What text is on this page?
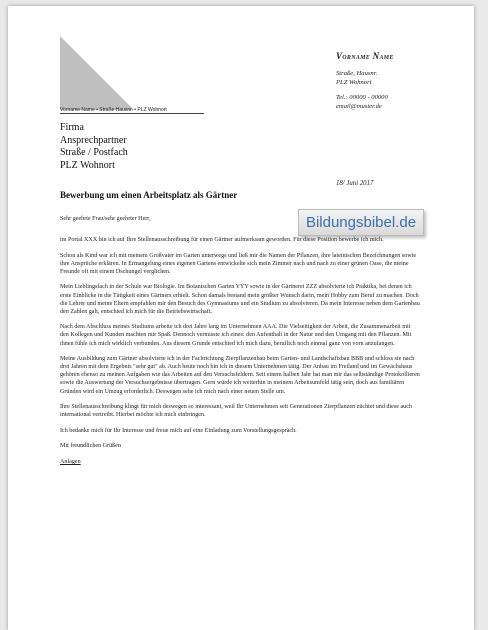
Vorname Name
Straße, Hausnr.
PLZ Wohnort
Tel.: 00000 - 00000
email@muster.de
Vorname Name • Straße Hausnr. • PLZ Wohnort
Firma
Ansprechpartner
Straße / Postfach
PLZ Wohnort
18/ Juni 2017
Bewerbung um einen Arbeitsplatz als Gärtner

Sehr geehrte Frau/sehr geehrter Herr,

im Portal XXX bin ich auf Ihre Stellenausschreibung für einen Gärtner aufmerksam geworden. Für diese Position bewerbe ich mich.

Schon als Kind war ich mit meinem Großvater im Garten unterwegs und ließ mir die Namen der Pflanzen, ihre lateinischen Bezeichnungen sowie ihre Ansprüche erklären. In Ermangelung eines eigenen Gartens entwickelte sich mein Zimmer nach und nach zu einer grünen Oase, die meine Freunde oft mit einem Dschungel verglichen.

Mein Lieblingsfach in der Schule war Biologie. Im Botanischen Garten YYY sowie in der Gärtnerei ZZZ absolvierte ich Praktika, bei denen ich erste Einblicke in die Tätigkeit eines Gärtners erhielt. Schon damals bestand mein größter Wunsch darin, mein Hobby zum Beruf zu machen. Doch die Lehrer und meine Eltern empfahlen mir den Besuch des Gymnasiums und ein Studium zu absolvieren. Da mein Interesse neben dem Gartenbau den Zahlen galt, entschied ich mich für die Betriebswirtschaft.

Nach dem Abschluss meines Studiums arbeite ich drei Jahre lang im Unternehmen AAA. Die Vielseitigkeit der Arbeit, die Zusammenarbeit mit den Kollegen und Kunden machten mir Spaß. Dennoch vermisste ich eines: den Aufenthalt in der Natur und den Umgang mit den Pflanzen. Mit ihnen fühle ich mich wirklich verbunden. Aus diesem Grunde entschied ich mich dazu, beruflich noch einmal ganz von vorn anzufangen.

Meine Ausbildung zum Gärtner absolvierte ich in der Fachrichtung Zierpflanzenbau beim Garten- und Landschaftsbau BBB und schloss sie nach drei Jahren mit dem Ergebnis "sehr gut" ab. Auch heute noch bin ich in diesem Unternehmen tätig. Der Anbau im Freiland und im Gewächshaus gehören ebenso zu meinen Aufgaben wie das Arbeiten auf den Versuchsfeldern. Seit einem halben Jahr hat man mir das selbständige Protokollieren sowie die Auswertung der Versuchsergebnisse übertragen. Gern würde ich weiterhin in meinem Arbeitsumfeld tätig sein, doch aus familiären Gründen wird ein Umzug erforderlich. Deswegen sehe ich mich nach einer neuen Stelle um.

Ihre Stellenausschreibung klingt für mich deswegen so interessant, weil Ihr Unternehmen seit Generationen Zierpflanzen züchtet und diese auch international vertreibt. Hierbei möchte ich mich einbringen.

Ich bedanke mich für Ihr Interesse und freue mich auf eine Einladung zum Vorstellungsgespräch.

Mit freundlichen Grüßen

Anlagen

Bildungsbibel.de
